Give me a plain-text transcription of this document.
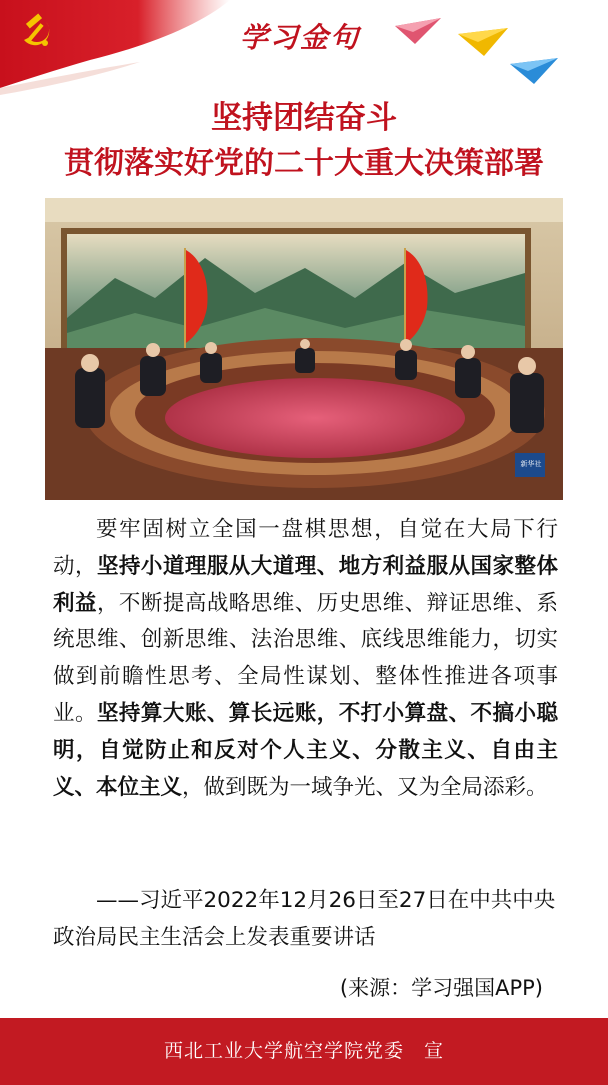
学习金句
坚持团结奋斗
贯彻落实好党的二十大重大决策部署
新华社

要牢固树立全国一盘棋思想，自觉在大局下行动，坚持小道理服从大道理、地方利益服从国家整体利益，不断提高战略思维、历史思维、辩证思维、系统思维、创新思维、法治思维、底线思维能力，切实做到前瞻性思考、全局性谋划、整体性推进各项事业。坚持算大账、算长远账，不打小算盘、不搞小聪明，自觉防止和反对个人主义、分散主义、自由主义、本位主义，做到既为一域争光、又为全局添彩。

——习近平2022年12月26日至27日在中共中央政治局民主生活会上发表重要讲话

(来源：学习强国APP)
西北工业大学航空学院党委　宣
